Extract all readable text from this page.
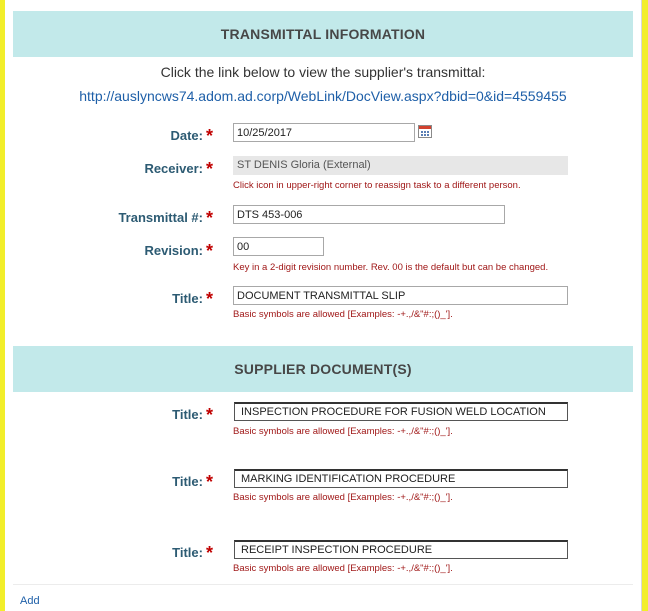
TRANSMITTAL INFORMATION
Click the link below to view the supplier's transmittal:
http://auslyncws74.adom.ad.corp/WebLink/DocView.aspx?dbid=0&id=4559455
Date: *
10/25/2017
Receiver: *	ST DENIS Gloria (External)
Click icon in upper-right corner to reassign task to a different person.
Transmittal #: *
DTS 453-006
Revision: *
00
Key in a 2-digit revision number. Rev. 00 is the default but can be changed.
Title: *
DOCUMENT TRANSMITTAL SLIP
Basic symbols are allowed [Examples: -+.,/&"#:;()_'].
SUPPLIER DOCUMENT(S)
Title: *
INSPECTION PROCEDURE FOR FUSION WELD LOCATION
Basic symbols are allowed [Examples: -+.,/&"#:;()_'].
Title: *
MARKING IDENTIFICATION PROCEDURE
Basic symbols are allowed [Examples: -+.,/&"#:;()_'].
Title: *
RECEIPT INSPECTION PROCEDURE
Basic symbols are allowed [Examples: -+.,/&"#:;()_'].
Add
